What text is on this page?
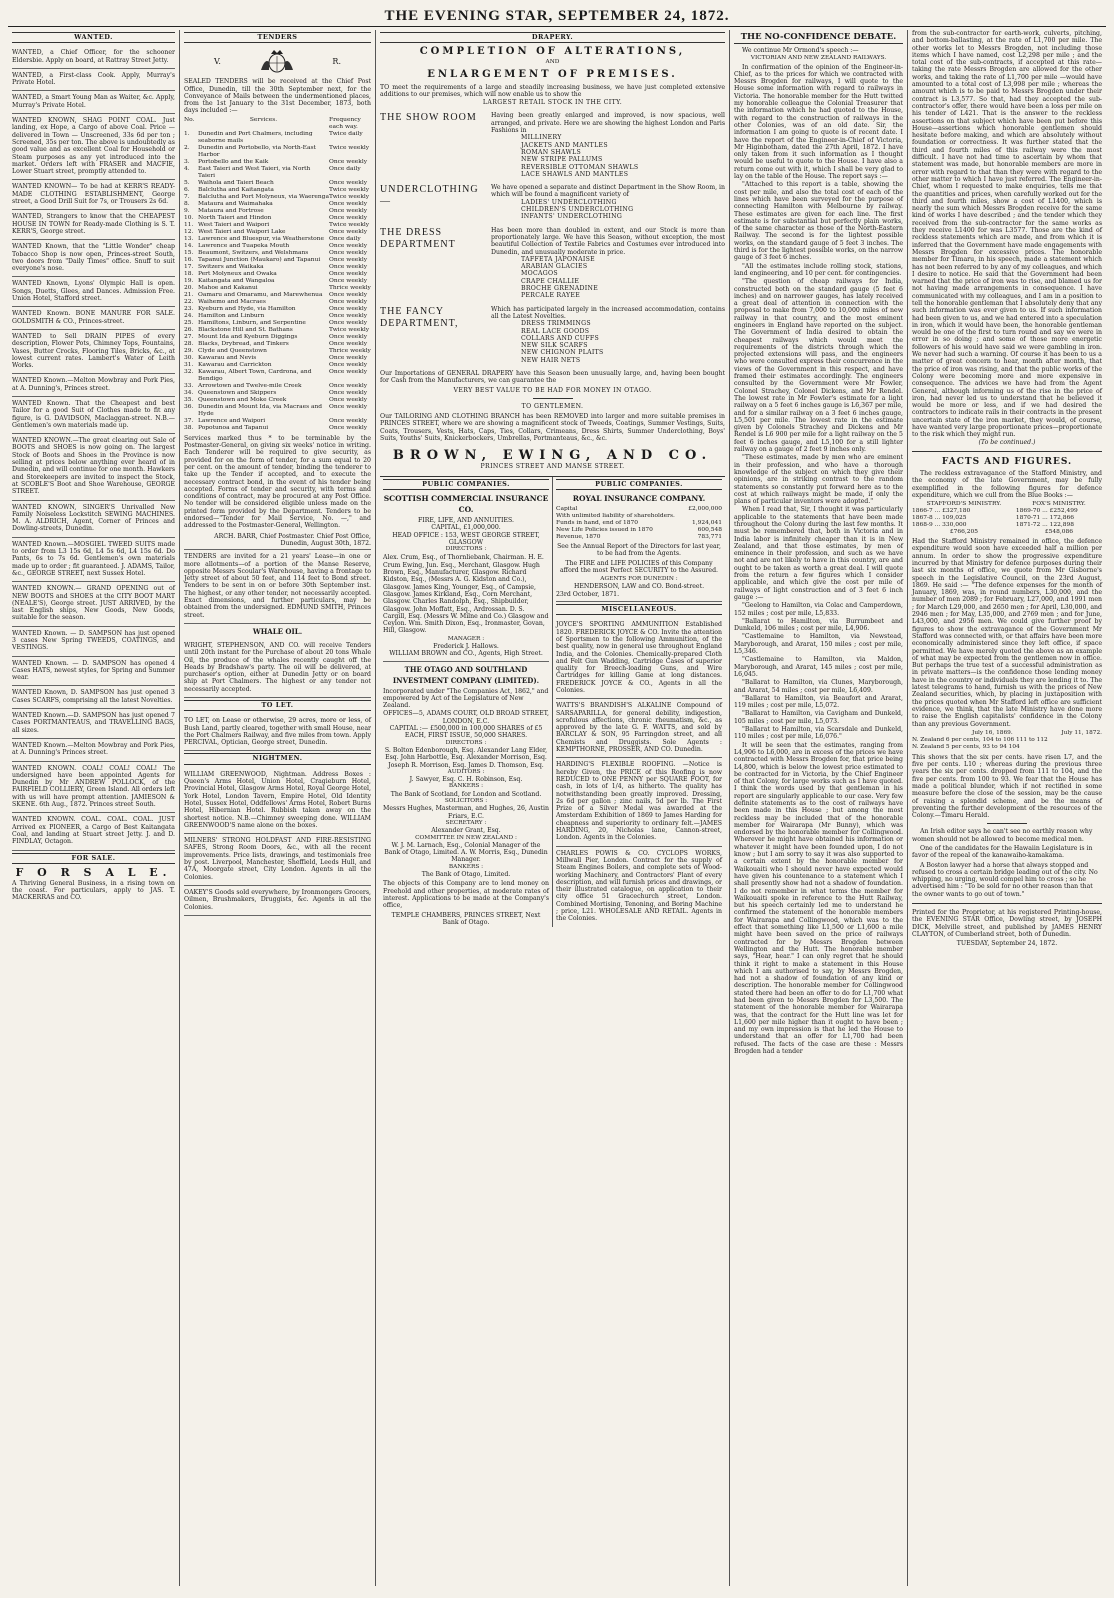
THE EVENING STAR, SEPTEMBER 24, 1872.
WANTED.

WANTED, a Chief Officer, for the schooner Eldersbie. Apply on board, at Rattray Street Jetty.

WANTED, a First-class Cook. Apply, Murray's Private Hotel.

WANTED, a Smart Young Man as Waiter, &c. Apply, Murray's Private Hotel.

WANTED KNOWN, SHAG POINT COAL. Just landing, ex Hope, a Cargo of above Coal. Price — delivered in Town — Unscreened, 33s 6d per ton ; Screened, 35s per ton. The above is undoubtedly as good value and as excellent Coal for Household or Steam purposes as any yet introduced into the market. Orders left with FRASER and MACFIE, Lower Stuart street, promptly attended to.

WANTED KNOWN— To be had at KERR'S READY-MADE CLOTHING ESTABLISHMENT, George street, a Good Drill Suit for 7s, or Trousers 2s 6d.

WANTED, Strangers to know that the CHEAPEST HOUSE IN TOWN for Ready-made Clothing is S. T. KERR'S, George street.

WANTED Known, that the "Little Wonder" cheap Tobacco Shop is now open, Princes-street South, two doors from "Daily Times" office. Snuff to suit everyone's nose.

WANTED Known, Lyons' Olympic Hall is open. Songs, Duetts, Glees, and Dances. Admission Free. Union Hotel, Stafford street.

WANTED Known. BONE MANURE FOR SALE. GOLDSMITH & CO., Princes-street.

WANTED to Sell DRAIN PIPES of every description, Flower Pots, Chimney Tops, Fountains, Vases, Butter Crocks, Flooring Tiles, Bricks, &c., at lowest current rates. Lambert's Water of Leith Works.

WANTED Known.—Melton Mowbray and Pork Pies, at A. Dunning's, Princes street.

WANTED Known. That the Cheapest and best Tailor for a good Suit of Clothes made to fit any figure, is G. DAVIDSON, Maclaggan-street. N.B.—Gentlemen's own materials made up.

WANTED KNOWN.—The great clearing out Sale of BOOTS and SHOES is now going on. The largest Stock of Boots and Shoes in the Province is now selling at prices below anything ever heard of in Dunedin, and will continue for one month. Hawkers and Storekeepers are invited to inspect the Stock, at SCOBLE'S Boot and Shoe Warehouse, GEORGE STREET.

WANTED KNOWN, SINGER'S Unrivalled New Family Noiseless Lockstitch SEWING MACHINES. M. A. ALDRICH, Agent, Corner of Princes and Dowling-streets, Dunedin.

WANTED Known.—MOSGIEL TWEED SUITS made to order from L3 15s 6d, L4 5s 6d, L4 15s 6d. Do Pants, 6s to 7s 6d. Gentlemen's own materials made up to order ; fit guaranteed. J. ADAMS, Tailor, &c., GEORGE STREET, next Sussex Hotel.

WANTED KNOWN.— GRAND OPENING out of NEW BOOTS and SHOES at the CITY BOOT MART (NEALE'S), George street. JUST ARRIVED, by the last English ships, New Goods, New Goods, suitable for the season.

WANTED Known. — D. SAMPSON has just opened 3 cases New Spring TWEEDS, COATINGS, and VESTINGS.

WANTED Known. — D. SAMPSON has opened 4 Cases HATS, newest styles, for Spring and Summer wear.

WANTED Known, D. SAMPSON has just opened 3 Cases SCARFS, comprising all the latest Novelties.

WANTED Known.—D. SAMPSON has just opened 7 Cases PORTMANTEAUS, and TRAVELLING BAGS, all sizes.

WANTED Known.—Melton Mowbray and Pork Pies, at A. Dunning's Princes street.

WANTED KNOWN. COAL! COAL! COAL! The undersigned have been appointed Agents for Dunedin by Mr ANDREW POLLOCK, of the FAIRFIELD COLLIERY, Green Island. All orders left with us will have prompt attention. JAMIESON & SKENE. 6th Aug., 1872. Princes street South.

WANTED KNOWN. COAL. COAL. COAL. JUST Arrived ex PIONEER, a Cargo of Best Kaitangata Coal, and landing at Stuart street Jetty. J. and D. FINDLAY, Octagon.

FOR SALE.
F O R S A L E.

A Thriving General Business, in a rising town on the coast. For particulars, apply to JAS. T. MACKERRAS and CO.

TENDERS
V.	R.

SEALED TENDERS will be received at the Chief Post Office, Dunedin, till the 30th September next, for the Conveyance of Mails between the undermentioned places, from the 1st January to the 31st December, 1873, both days included :—

No.	Services.	Frequency each way.
1.	Dunedin and Port Chalmers, including seaborne mails	Twice daily
2.	Dunedin and Portobello, via North-East Harbor	Twice weekly
3.	Portobello and the Kaik	Once weekly
4.	East Taieri and West Taieri, via North Taieri	Once daily
5.	Waihola and Taieri Beach	Once weekly
6.	Balclutha and Kaitangata	Twice weekly
7.	Balclutha and Port Molyneux, via Waerenga	Twice weekly
8.	Mataura and Waimahaka	Once weekly
9.	Mataura and Fortrose	Once weekly
10.	North Taieri and Hindon	Once weekly
11.	West Taieri and Waipori	Twice weekly
12.	West Taieri and Waipori Lake	Once weekly
13.	Lawrence and Bluespur, via Weatherstone	Once daily
14.	Lawrence and Tuapeka Mouth	Once weekly
15.	Beaumont, Switzers, and Welshmans	Once weekly
16.	Tapanui Junction (Maukaro) and Tapanui	Once weekly
17.	Switzers and Waikaka	Once weekly
18.	Pert Molyneux and Owaka	Once weekly
19.	Kaitangata and Wangaloa	Once weekly
20.	Mahoe and Kakanui	Thrice weekly
21.	Oamaru and Omaramu, and Marewhenua	Once weekly
22.	Waihemo and Macraes	Once weekly
23.	Kyeburn and Hyde, via Hamilton	Once weekly
24.	Hamilton and Linburn	Once weekly
25.	Hamiltons, Linburn, and Serpentine	Once weekly
26.	Blackstone Hill and St. Bathans	Twice weekly
27.	Mount Ida and Kyeburn Diggings	Once weekly
28.	Blacks, Drybread, and Tinkers	Once weekly
29.	Clyde and Queenstown	Thrice weekly
30.	Kawarau and Nevis	Once weekly
31.	Kawarau and Carrickton	Once weekly
32.	Kawarau, Albert Town, Cardrona, and Bendigo	Once weekly
33.	Arrowtown and Twelve-mile Creek	Once weekly
34.	Queenstown and Skippers	Once weekly
35.	Queenstown and Moke Creek	Once weekly
36.	Dunedin and Mount Ida, via Macraes and Hyde	Once weekly
37.	Lawrence and Waipori	Once weekly
38.	Popotunoa and Tapanui	Once weekly

Services marked thus * to be terminable by the Postmaster-General, on giving six weeks' notice in writing. Each Tenderer will be required to give security, as provided for on the form of tender, for a sum equal to 20 per cent. on the amount of tender, binding the tenderer to take up the Tender if accepted, and to execute the necessary contract bond, in the event of his tender being accepted. Forms of tender and security, with terms and conditions of contract, may be procured at any Post Office. No tender will be considered eligible unless made on the printed form provided by the Department. Tenders to be endorsed—"Tender for Mail Service, No. —," and addressed to the Postmaster-General, Wellington.

ARCH. BARR, Chief Postmaster. Chief Post Office, Dunedin, August 30th, 1872.

TENDERS are invited for a 21 years' Lease—in one or more allotments—of a portion of the Manse Reserve, opposite Messrs Scoular's Warehouse, having a frontage to Jetty street of about 50 feet, and 114 feet to Bond street. Tenders to be sent in on or before 30th September inst. The highest, or any other tender, not necessarily accepted. Exact dimensions, and further particulars, may be obtained from the undersigned. EDMUND SMITH, Princes street.

WHALE OIL.

WRIGHT, STEPHENSON, AND CO. will receive Tenders until 20th instant for the Purchase of about 20 tons Whale Oil, the produce of the whales recently caught off the Heads by Bradshaw's party. The oil will be delivered, at purchaser's option, either at Dunedin Jetty or on board ship at Port Chalmers. The highest or any tender not necessarily accepted.

TO LET.

TO LET, on Lease or otherwise, 29 acres, more or less, of Bush Land, partly cleared, together with small House, near the Port Chalmers Railway, and five miles from town. Apply PERCIVAL, Optician, George street, Dunedin.

NIGHTMEN.

WILLIAM GREENWOOD, Nightman. Address Boxes : Queen's Arms Hotel, Union Hotel, Cragieburn Hotel, Provincial Hotel, Glasgow Arms Hotel, Royal George Hotel, York Hotel, London Tavern, Empire Hotel, Old Identity Hotel, Sussex Hotel, Oddfellows' Arms Hotel, Robert Burns Hotel, Hibernian Hotel. Rubbish taken away on the shortest notice. N.B.—Chimney sweeping done. WILLIAM GREENWOOD'S name alone on the boxes.

MILNERS' STRONG HOLDFAST AND FIRE-RESISTING SAFES, Strong Room Doors, &c., with all the recent improvements. Price lists, drawings, and testimonials free by post. Liverpool, Manchester, Sheffield, Leeds Hull, and 47A, Moorgate street, City London. Agents in all the Colonies.

OAKEY'S Goods sold everywhere, by Ironmongers Grocers, Oilmen, Brushmakers, Druggists, &c. Agents in all the Colonies.

DRAPERY.
COMPLETION OF ALTERATIONS,
AND
ENLARGEMENT OF PREMISES.

TO meet the requirements of a large and steadily increasing business, we have just completed extensive additions to our premises, which will now enable us to show the

LARGEST RETAIL STOCK IN THE CITY.
THE SHOW ROOM	Having been greatly enlarged and improved, is now spacious, well arranged, and private. Here we are showing the highest London and Paris Fashions in

MILLINERY
JACKETS AND MANTLES
ROMAN SHAWLS
NEW STRIPE PALLUMS
REVERSIBLE OTTOMAN SHAWLS
LACE SHAWLS AND MANTLES
UNDERCLOTHING—

We have opened a separate and distinct Department in the Show Room, in which will be found a magnificent variety of

LADIES' UNDERCLOTHING
CHILDREN'S UNDERCLOTHING
INFANTS' UNDERCLOTHING
THE DRESS DEPARTMENT

Has been more than doubled in extent, and our Stock is more than proportionately large. We have this Season, without exception, the most beautiful Collection of Textile Fabrics and Costumes ever introduced into Dunedin, and unusually moderate in price.

TAFFETA JAPONAISE
ARABIAN GLACIES
MOCAGOS
CRAPE CHALLIE
BROCHE GRENADINE
PERCALE RAYEE
THE FANCY DEPARTMENT,

Which has participated largely in the increased accommodation, contains all the Latest Novelties.

DRESS TRIMMINGS
REAL LACE GOODS
COLLARS AND CUFFS
NEW SILK SCARFS
NEW CHIGNON PLAITS
NEW HAIR NETS

Our Importations of GENERAL DRAPERY have this Season been unusually large, and, having been bought for Cash from the Manufacturers, we can guarantee the

VERY BEST VALUE TO BE HAD FOR MONEY IN OTAGO.
TO GENTLEMEN.

Our TAILORING AND CLOTHING BRANCH has been REMOVED into larger and more suitable premises in PRINCES STREET, where we are showing a magnificent stock of Tweeds, Coatings, Summer Vestings, Suits, Coats, Trousers, Vests, Hats, Caps, Ties, Collars, Crimeans, Dress Shirts, Summer Underclothing, Boys' Suits, Youths' Suits, Knickerbockers, Umbrellas, Portmanteaus, &c., &c.

BROWN, EWING, AND CO.
PRINCES STREET AND MANSE STREET.
PUBLIC COMPANIES.
SCOTTISH COMMERCIAL INSURANCE CO.
FIRE, LIFE, AND ANNUITIES.
CAPITAL, £1,000,000.
HEAD OFFICE : 153, WEST GEORGE STREET, GLASGOW
DIRECTORS :

Alex. Crum, Esq., of Thornliebank, Chairman. H. E. Crum Ewing, Jun. Esq., Merchant, Glasgow. Hugh Brown, Esq., Manufacturer, Glasgow. Richard Kidston, Esq., (Messrs A. G. Kidston and Co.), Glasgow. James King, Younger, Esq., of Campsie, Glasgow. James Kirkland, Esq., Corn Merchant, Glasgow. Charles Randolph, Esq., Shipbuilder, Glasgow. John Moffatt, Esq., Ardrossan. D. S. Cargill, Esq. (Messrs W. Milne and Co.) Glasgow and Ceylon. Wm. Smith Dixon, Esq., Ironmaster, Govan, Hill, Glasgow.

MANAGER :
Frederick J. Hallows.
WILLIAM BROWN and CO., Agents, High Street.
THE OTAGO AND SOUTHLAND INVESTMENT COMPANY (LIMITED).

Incorporated under "The Companies Act, 1862," and empowered by Act of the Legislature of New Zealand.

OFFICES—5, ADAMS COURT, OLD BROAD STREET, LONDON, E.C.
CAPITAL :— £500,000 in 100,000 SHARES of £5 EACH, FIRST ISSUE, 50,000 SHARES.
DIRECTORS :

S. Bolton Edenborough, Esq. Alexander Lang Elder, Esq. John Harbottle, Esq. Alexander Morrison, Esq. Joseph R. Morrison, Esq. James D. Thomson, Esq.

AUDITORS :
J. Sawyer, Esq. C. H. Robinson, Esq.
BANKERS :
The Bank of Scotland, for London and Scotland.
SOLICITORS :
Messrs Hughes, Masterman, and Hughes, 26, Austin Friars, E.C.
SECRETARY :
Alexander Grant, Esq.
COMMITTEE IN NEW ZEALAND :
W. J. M. Larnach, Esq., Colonial Manager of the Bank of Otago, Limited. A. W. Morris, Esq., Dunedin Manager.
BANKERS :
The Bank of Otago, Limited.

The objects of this Company are to lend money on Freehold and other properties, at moderate rates of interest. Applications to be made at the Company's office,

TEMPLE CHAMBERS, PRINCES STREET, Next Bank of Otago.
PUBLIC COMPANIES.
ROYAL INSURANCE COMPANY.
Capital	£2,000,000
With unlimited liability of shareholders.	
Funds in hand, end of 1870	1,924,041
New Life Policies issued in 1870	600,548
Revenue, 1870	783,771

See the Annual Report of the Directors for last year, to be had from the Agents.

The FIRE and LIFE POLICIES of this Company afford the most Perfect SECURITY to the Assured.

AGENTS FOR DUNEDIN :
HENDERSON, LAW and CO. Bond-street.
23rd October, 1871.
MISCELLANEOUS.

JOYCE'S SPORTING AMMUNITION Established 1820. FREDERICK JOYCE & CO. Invite the attention of Sportsmen to the following Ammunition, of the best quality, now in general use throughout England India, and the Colonies. Chemically-prepared Cloth and Felt Gun Wadding, Cartridge Cases of superior quality for Breech-loading Guns, and Wire Cartridges for killing Game at long distances. FREDERICK JOYCE & CO., Agents in all the Colonies.

WATTS'S BRANDISH'S ALKALINE Compound of SARSAPARILLA, for general debility, indigestion, scrofulous affections, chronic rheumatism, &c., as approved by the late G. F. WATTS, and sold by BARCLAY & SON, 95 Farringdon street, and all Chemists and Druggists. Sole Agents : KEMPTHORNE, PROSSER, AND CO. Dunedin.

HARDING'S FLEXIBLE ROOFING. —Notice is hereby Given, the PRICE of this Roofing is now REDUCED to ONE PENNY per SQUARE FOOT, for cash, in lots of 1/4, as hitherto. The quality has notwithstanding been greatly improved. Dressing, 2s 6d per gallon ; zinc nails, 5d per lb. The First Prize of a Silver Medal was awarded at the Amsterdam Exhibition of 1869 to James Harding for cheapness and superiority to ordinary felt.—JAMES HARDING, 20, Nicholas lane, Cannon-street, London. Agents in the Colonies.

CHARLES POWIS & CO. CYCLOPS WORKS, Millwall Pier, London. Contract for the supply of Steam Engines Boilers, and complete sets of Wood-working Machinery, and Contractors' Plant of every description, and will furnish prices and drawings, or their illustrated catalogue, on application to their city office 51 Gracechurch street, London. Combined Mortising, Tenoning, and Boring Machine ; price, L21. WHOLESALE AND RETAIL. Agents in the Colonies.

THE NO-CONFIDENCE DEBATE.

We continue Mr Ormond's speech :—

VICTORIAN AND NEW ZEALAND RAILWAYS.

In confirmation of the opinion of the Engineer-in-Chief, as to the prices for which we contracted with Messrs Brogden for railways, I will quote to the House some information with regard to railways in Victoria. The honorable member for the Hutt twitted my honorable colleague the Colonial Treasurer that the information which he had quoted to the House, with regard to the construction of railways in the other Colonies, was of an old date. Sir, the information I am going to quote is of recent date. I have the report of the Engineer-in-Chief of Victoria, Mr Higinbotham, dated the 27th April, 1872. I have only taken from it such information as I thought would be useful to quote to the House. I have also a return come out with it, which I shall be very glad to lay on the table of the House. The report says :—

"Attached to this report is a table, showing the cost per mile, and also the total cost of each of the lines which have been surveyed for the purpose of connecting Hamilton with Melbourne by railway. These estimates are given for each line. The first estimate is for substantial but perfectly plain works, of the same character as those of the North-Eastern Railway. The second is for the lightest possible works, on the standard gauge of 5 feet 3 inches. The third is for the lightest possible works, on the narrow gauge of 3 feet 6 inches.

"All the estimates include rolling stock, stations, land engineering, and 10 per cent. for contingencies.

"The question of cheap railways for India, constructed both on the standard gauge (5 feet 6 inches) and on narrower gauges, has lately received a great deal of attention in connection with the proposal to make from 7,000 to 10,000 miles of new railway in that country, and the most eminent engineers in England have reported on the subject. The Government of India desired to obtain the cheapest railways which would meet the requirements of the districts through which the projected extensions will pass, and the engineers who were consulted express their concurrence in the views of the Government in this respect, and have framed their estimates accordingly. The engineers consulted by the Government were Mr Fowler, Colonel Strachey, Colonel Dickens, and Mr Rendel. The lowest rate in Mr Fowler's estimate for a light railway on a 5 feet 6 inches gauge is L6,367 per mile, and for a similar railway on a 3 feet 6 inches gauge, L5,501 per mile. The lowest rate in the estimate given by Colonels Strachey and Dickens and Mr Rendel is L6 900 per mile for a light railway on the 5 feet 6 inches gauge, and L5,100 for a still lighter railway on a gauge of 2 feet 9 inches only.

"These estimates, made by men who are eminent in their profession, and who have a thorough knowledge of the subject on which they give their opinions, are in striking contrast to the random statements so constantly put forward here as to the cost at which railways might be made, if only the plans of particular inventors were adopted."

When I read that, Sir, I thought it was particularly applicable to the statements that have been made throughout the Colony during the last few months. It must be remembered that, both in Victoria and in India labor is infinitely cheaper than it is in New Zealand, and that those estimates, by men of eminence in their profession, and such as we have not and are not likely to have in this country, are and ought to be taken as worth a great deal. I will quote from the return a few figures which I consider applicable, and which give the cost per mile of railways of light construction and of 3 feet 6 inch gauge :—

"Geelong to Hamilton, via Colac and Camperdown, 152 miles ; cost per mile, L5,833.

"Ballarat to Hamilton, via Burrumbeet and Dunkeld, 106 miles ; cost per mile, L4,906.

"Castlemaine to Hamilton, via Newstead, Maryborough, and Ararat, 150 miles ; cost per mile, L5,346.

"Castlemaine to Hamilton, via Maldon, Maryborough, and Ararat, 145 miles ; cost per mile, L6,045.

"Ballarat to Hamilton, via Clunes, Maryborough, and Ararat, 54 miles ; cost per mile, L6,409.

"Ballarat to Hamilton, via Beaufort and Ararat, 119 miles ; cost per mile, L5,072.

"Ballarat to Hamilton, via Cavigham and Dunkeld, 105 miles ; cost per mile, L5,073.

"Ballarat to Hamilton, via Scarsdale and Dunkeld, 110 miles ; cost per mile, L6,076."

It will be seen that the estimates, ranging from L4,906 to L6,000, are in excess of the prices we have contracted with Messrs Brogden for, that price being L4,800, which is below the lowest price estimated to be contracted for in Victoria, by the Chief Engineer of that Colony, for large works such as I have quoted. I think the words used by that gentleman in his report are singularly applicable to our case. Very few definite statements as to the cost of railways have been made in this House ; but among the most reckless may be included that of the honorable member for Wairarapa (Mr Bunny), which was endorsed by the honorable member for Collingwood. Wherever he might have obtained his information or whatever it might have been founded upon, I do not know ; but I am sorry to say it was also supported to a certain extent by the honorable member for Waikouaiti who I should never have expected would have given his countenance to a statement which I shall presently show had not a shadow of foundation. I do not remember in what terms the member for Waikouaiti spoke in reference to the Hutt Railway, but his speech certainly led me to understand he confirmed the statement of the honorable members for Wairarapa and Collingwood, which was to the effect that something like L1,500 or L1,600 a mile might have been saved on the price of railways contracted for by Messrs Brogden between Wellington and the Hutt. The honorable member says, "Hear, hear." I can only regret that he should think it right to make a statement in this House which I am authorised to say, by Messrs Brogden, had not a shadow of foundation of any kind or description. The honorable member for Collingwood stated there had been an offer to do for L1,700 what had been given to Messrs Brogden for L3,500. The statement of the honorable member for Wairarapa was, that the contract for the Hutt line was let for L1,600 per mile higher than it ought to have been ; and my own impression is that he led the House to understand that an offer for L1,700 had been refused. The facts of the case are these : Messrs Brogden had a tender

from the sub-contractor for earth-work, culverts, pitching, and bottom-ballasting, at the rate of L1,700 per mile. The other works let to Messrs Brogden, not including those items which I have named, cost L2,298 per mile ; and the total cost of the sub-contracts, if accepted at this rate—taking the rate Messrs Brogden are allowed for the other works, and taking the rate of L1,700 per mile —would have amounted to a total cost of L3,998 per mile ; whereas the amount which is to be paid to Messrs Brogden under their contract is L3,577. So that, had they accepted the sub-contractor's offer, there would have been a loss per mile on his tender of L421. That is the answer to the reckless assertions on that subject which have been put before this House—assertions which honorable gentlemen should hesitate before making, and which are absolutely without foundation or correctness. It was further stated that the third and fourth miles of this railway were the most difficult. I have not had time to ascertain by whom that statement was made, but honorable members are more in error with regard to that than they were with regard to the other matter to which I have just referred. The Engineer-in-Chief, whom I requested to make enquiries, tells me that the quantities and prices, when carefully worked out for the third and fourth miles, show a cost of L1400, which is nearly the sum which Messrs Brogden receive for the same kind of works I have described ; and the tender which they received from the sub-contractor for the same works as they receive L1400 for was L3577. Those are the kind of reckless statements which are made, and from which it is inferred that the Government have made engagements with Messrs Brogden for excessive prices. The honorable member for Timaru, in his speech, made a statement which has not been referred to by any of my colleagues, and which I desire to notice. He said that the Government had been warned that the price of iron was to rise, and blamed us for not having made arrangements in consequence. I have communicated with my colleagues, and I am in a position to tell the honorable gentleman that I absolutely deny that any such information was ever given to us. If such information had been given to us, and we had entered into a speculation in iron, which it would have been, the honorable gentleman would be one of the first to turn round and say we were in error in so doing ; and some of those more energetic followers of his would have said we were gambling in iron. We never had such a warning. Of course it has been to us a matter of great concern to hear, month after month, that the price of iron was rising, and that the public works of the Colony were becoming more and more expensive in consequence. The advices we have had from the Agent General, although informing us of the rise in the price of iron, had never led us to understand that he believed it would be more or less, and if we had desired the contractors to indicate rails in their contracts in the present uncertain state of the iron market, they would, of course, have wanted very large proportionate prices—proportionate to the risk which they might run.

(To be continued.)
FACTS AND FIGURES.

The reckless extravagance of the Stafford Ministry, and the economy of the late Government, may be fully exemplified in the following figures for defence expenditure, which we cull from the Blue Books :—

STAFFORD'S MINISTRY.	FOX'S MINISTRY.
1866-7 ... £327,180	1869-70 ... £252,499
1867-8 ... 109,025	1870-71 ... 172,866
1868-9 ... 330,000	1871-72 ... 122,898
£766,205	£548,086

Had the Stafford Ministry remained in office, the defence expenditure would soon have exceeded half a million per annum. In order to show the progressive expenditure incurred by that Ministry for defence purposes during their last six months of office, we quote from Mr Gisborne's speech in the Legislative Council, on the 23rd August, 1869. He said :— "The defence expenses for the month of January, 1869, was, in round numbers, L30,000, and the number of men 2089 ; for February, L27,000, and 1991 men ; for March L29,000, and 2650 men ; for April, L30,000, and 2946 men ; for May, L35,000, and 2769 men ; and for June, L43,000, and 2956 men. We could give further proof by figures to show the extravagance of the Government Mr Stafford was connected with, or that affairs have been more economically administered since they left office, if space permitted. We have merely quoted the above as an example of what may be expected from the gentlemen now in office. But perhaps the true test of a successful administration as in private matters—is the confidence those lending money have in the country or individuals they are lending it to. The latest telegrams to hand, furnish us with the prices of New Zealand securities, which, by placing in juxtaposition with the prices quoted when Mr Stafford left office are sufficient evidence, we think, that the late Ministry have done more to raise the English capitalists' confidence in the Colony than any previous Government.

July 16, 1869.	July 11, 1872.
N. Zealand 6 per cents, 104 to 106 111 to 112
N. Zealand 5 per cents, 93 to 94 104

This shows that the six per cents. have risen L7, and the five per cents. L10 ; whereas during the previous three years the six per cents. dropped from 111 to 104, and the five per cents. from 100 to 93. We fear that the House has made a political blunder, which if not rectified in some measure before the close of the session, may be the cause of raising a splendid scheme, and be the means of preventing the further development of the resources of the Colony.—Timaru Herald.

An Irish editor says he can't see no earthly reason why women should not be allowed to become medical men.

One of the candidates for the Hawaiin Legislature is in favor of the repeal of the kanawaiho-kamakama.

A Boston lawyer had a horse that always stopped and refused to cross a certain bridge leading out of the city. No whipping, no urging, would compel him to cross ; so he advertised him : "To be sold for no other reason than that the owner wants to go out of town."

Printed for the Proprietor, at his registered Printing-house, the EVENING STAR Office, Dowling street, by JOSEPH DICK, Melville street, and published by JAMES HENRY CLAYTON, of Cumberland street, both of Dunedin.

TUESDAY, September 24, 1872.
